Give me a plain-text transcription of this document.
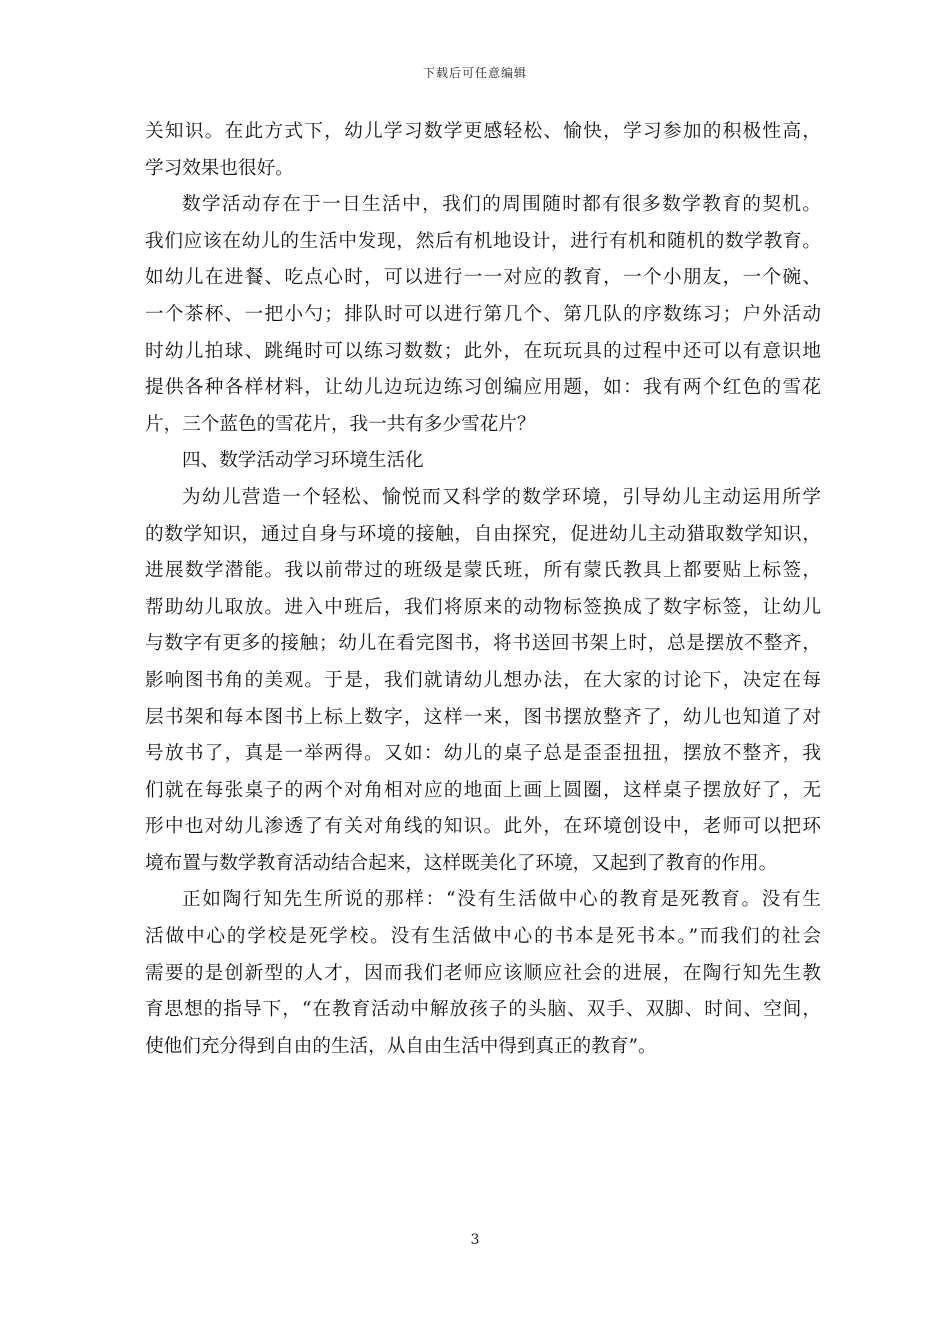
下载后可任意编辑
关知识。在此方式下，幼儿学习数学更感轻松、愉快，学习参加的积极性高，
学习效果也很好。
数学活动存在于一日生活中，我们的周围随时都有很多数学教育的契机。
我们应该在幼儿的生活中发现，然后有机地设计，进行有机和随机的数学教育。
如幼儿在进餐、吃点心时，可以进行一一对应的教育，一个小朋友，一个碗、
一个茶杯、一把小勺；排队时可以进行第几个、第几队的序数练习；户外活动
时幼儿拍球、跳绳时可以练习数数；此外，在玩玩具的过程中还可以有意识地
提供各种各样材料，让幼儿边玩边练习创编应用题，如：我有两个红色的雪花
片，三个蓝色的雪花片，我一共有多少雪花片？
四、数学活动学习环境生活化
为幼儿营造一个轻松、愉悦而又科学的数学环境，引导幼儿主动运用所学
的数学知识，通过自身与环境的接触，自由探究，促进幼儿主动猎取数学知识，
进展数学潜能。我以前带过的班级是蒙氏班，所有蒙氏教具上都要贴上标签，
帮助幼儿取放。进入中班后，我们将原来的动物标签换成了数字标签，让幼儿
与数字有更多的接触；幼儿在看完图书，将书送回书架上时，总是摆放不整齐，
影响图书角的美观。于是，我们就请幼儿想办法，在大家的讨论下，决定在每
层书架和每本图书上标上数字，这样一来，图书摆放整齐了，幼儿也知道了对
号放书了，真是一举两得。又如：幼儿的桌子总是歪歪扭扭，摆放不整齐，我
们就在每张桌子的两个对角相对应的地面上画上圆圈，这样桌子摆放好了，无
形中也对幼儿渗透了有关对角线的知识。此外，在环境创设中，老师可以把环
境布置与数学教育活动结合起来，这样既美化了环境，又起到了教育的作用。
正如陶行知先生所说的那样：“没有生活做中心的教育是死教育。没有生
活做中心的学校是死学校。没有生活做中心的书本是死书本。”而我们的社会
需要的是创新型的人才，因而我们老师应该顺应社会的进展，在陶行知先生教
育思想的指导下，“在教育活动中解放孩子的头脑、双手、双脚、时间、空间，
使他们充分得到自由的生活，从自由生活中得到真正的教育”。
3
